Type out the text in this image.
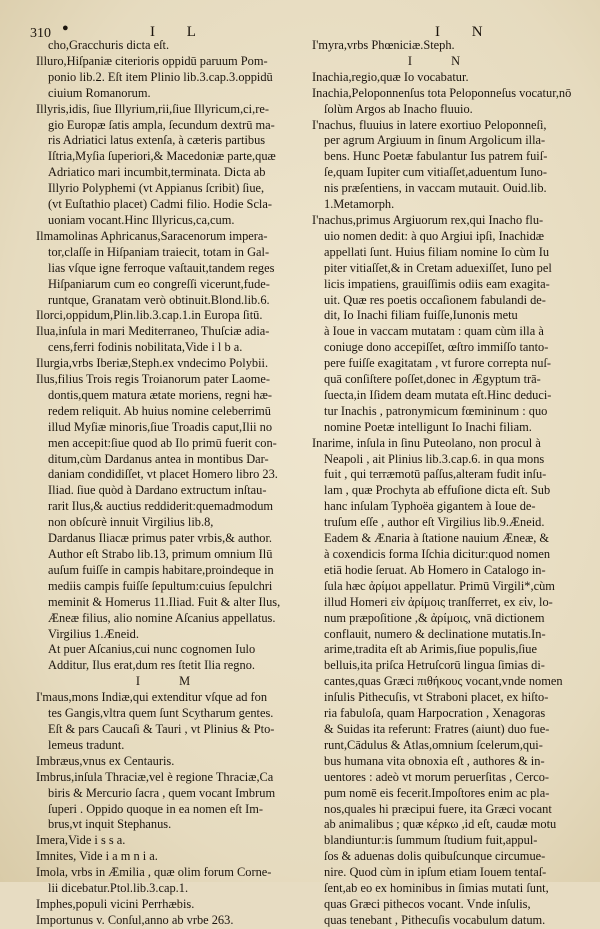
310 ●	I L	I N
cho,Gracchuris dicta eſt.
Illuro,Hiſpaniæ citerioris oppidū paruum Pom-
ponio lib.2. Eſt item Plinio lib.3.cap.3.oppidū
ciuium Romanorum.
Illyris,idis, ſiue Illyrium,rii,ſiue Illyricum,ci,re-
gio Europæ ſatis ampla, ſecundum dextrū ma-
ris Adriatici latus extenſa, à cæteris partibus
Iſtria,Myſia ſuperiori,& Macedoniæ parte,quæ
Adriatico mari incumbit,terminata. Dicta ab
Illyrio Polyphemi (vt Appianus ſcribit) ſiue,
(vt Euſtathio placet) Cadmi filio. Hodie Scla-
uoniam vocant.Hinc Illyricus,ca,cum.
Ilmamolinas Aphricanus,Saracenorum impera-
tor,claſſe in Hiſpaniam traiecit, totam in Gal-
lias vſque igne ferroque vaſtauit,tandem reges
Hiſpaniarum cum eo congreſſi vicerunt,fude-
runtque, Granatam verò obtinuit.Blond.lib.6.
Ilorci,oppidum,Plin.lib.3.cap.1.in Europa ſitū.
Ilua,inſula in mari Mediterraneo, Thuſciæ adia-
cens,ferri fodinis nobilitata,Vide i l b a.
Ilurgia,vrbs Iberiæ,Steph.ex vndecimo Polybii.
Ilus,filius Trois regis Troianorum pater Laome-
dontis,quem matura ætate moriens, regni hæ-
redem reliquit. Ab huius nomine celeberrimū
illud Myſiæ minoris,ſiue Troadis caput,Ilii no
men accepit:ſiue quod ab Ilo primū fuerit con-
ditum,cùm Dardanus antea in montibus Dar-
daniam condidiſſet, vt placet Homero libro 23.
Iliad. ſiue quòd à Dardano extructum inſtau-
rarit Ilus,& auctius reddiderit:quemadmodum
non obſcurè innuit Virgilius lib.8,
Dardanus Iliacæ primus pater vrbis,& author.
Author eſt Strabo lib.13, primum omnium Ilū
auſum fuiſſe in campis habitare,proindeque in
mediis campis fuiſſe ſepultum:cuius ſepulchri
meminit & Homerus 11.Iliad. Fuit & alter Ilus,
Æneæ filius, alio nomine Aſcanius appellatus.
Virgilius 1.Æneid.
At puer Aſcanius,cui nunc cognomen Iulo
Additur, Ilus erat,dum res ſtetit Ilia regno.
I M
I'maus,mons Indiæ,qui extenditur vſque ad fon
tes Gangis,vltra quem ſunt Scytharum gentes.
Eſt & pars Caucaſi & Tauri , vt Plinius & Pto-
lemeus tradunt.
Imbræus,vnus ex Centauris.
Imbrus,inſula Thraciæ,vel è regione Thraciæ,Ca
biris & Mercurio ſacra , quem vocant Imbrum
ſuperi . Oppido quoque in ea nomen eſt Im-
brus,vt inquit Stephanus.
Imera,Vide i s s a.
Imnites, Vide i a m n i a.
Imola, vrbs in Æmilia , quæ olim forum Corne-
lii dicebatur.Ptol.lib.3.cap.1.
Imphes,populi vicini Perrhæbis.
Importunus v. Conſul,anno ab vrbe 263.
I'myra,vrbs Phœniciæ.Steph.
I N
Inachia,regio,quæ Io vocabatur.
Inachia,Peloponnenſus tota Peloponneſus vocatur,nō
ſolùm Argos ab Inacho fluuio.
I'nachus, fluuius in latere exortiuo Peloponneſi,
per agrum Argiuum in ſinum Argolicum illa-
bens. Hunc Poetæ fabulantur Ius patrem fuiſ-
ſe,quam Iupiter cum vitiaſſet,aduentum Iuno-
nis præſentiens, in vaccam mutauit. Ouid.lib.
1.Metamorph.
I'nachus,primus Argiuorum rex,qui Inacho flu-
uio nomen dedit: à quo Argiui ipſi, Inachidæ
appellati ſunt. Huius filiam nomine Io cùm Iu
piter vitiaſſet,& in Cretam aduexiſſet, Iuno pel
licis impatiens, grauiſſimis odiis eam exagita-
uit. Quæ res poetis occaſionem fabulandi de-
dit, Io Inachi filiam fuiſſe,Iunonis metu
à Ioue in vaccam mutatam : quam cùm illa à
coniuge dono accepiſſet, œſtro immiſſo tanto-
pere fuiſſe exagitatam , vt furore correpta nuſ-
quā conſiſtere poſſet,donec in Ægyptum trā-
ſuecta,in Iſidem deam mutata eſt.Hinc deduci-
tur Inachis , patronymicum fœmininum : quo
nomine Poetæ intelligunt Io Inachi filiam.
Inarime, inſula in ſinu Puteolano, non procul à
Neapoli , ait Plinius lib.3.cap.6. in qua mons
fuit , qui terræmotū paſſus,alteram fudit inſu-
lam , quæ Prochyta ab effuſione dicta eſt. Sub
hanc inſulam Typhoëa gigantem à Ioue de-
truſum eſſe , author eſt Virgilius lib.9.Æneid.
Eadem & Ænaria à ſtatione nauium Æneæ, &
à coxendicis forma Iſchia dicitur:quod nomen
etiā hodie ſeruat. Ab Homero in Catalogo in-
ſula hæc ἀρίμοι appellatur. Primū Virgili*,cùm
illud Homeri εἰν ἀρίμοις tranſferret, ex εἰν, lo-
num præpoſitione ,& ἀρίμοις, vnā dictionem
conflauit, numero & declinatione mutatis.In-
arime,tradita eſt ab Arimis,ſiue populis,ſiue
belluis,ita priſca Hetruſcorū lingua ſimias di-
cantes,quas Græci πιθήκους vocant,vnde nomen
inſulis Pithecuſis, vt Straboni placet, ex hiſto-
ria fabuloſa, quam Harpocration , Xenagoras
& Suidas ita referunt: Fratres (aiunt) duo fue-
runt,Cādulus & Atlas,omnium ſcelerum,qui-
bus humana vita obnoxia eſt , authores & in-
uentores : adeò vt morum peruerſitas , Cerco-
pum nomē eis fecerit.Impoſtores enim ac pla-
nos,quales hi præcipui fuere, ita Græci vocant
ab animalibus ; quæ κέρκω ,id eſt, caudæ motu
blandiuntur:is ſummum ſtudium fuit,appul-
ſos & aduenas dolis quibuſcunque circumue-
nire. Quod cùm in ipſum etiam Iouem tentaſ-
ſent,ab eo ex hominibus in ſimias mutati ſunt,
quas Græci pithecos vocant. Vnde inſulis,
quas tenebant , Pithecuſis vocabulum datum.
